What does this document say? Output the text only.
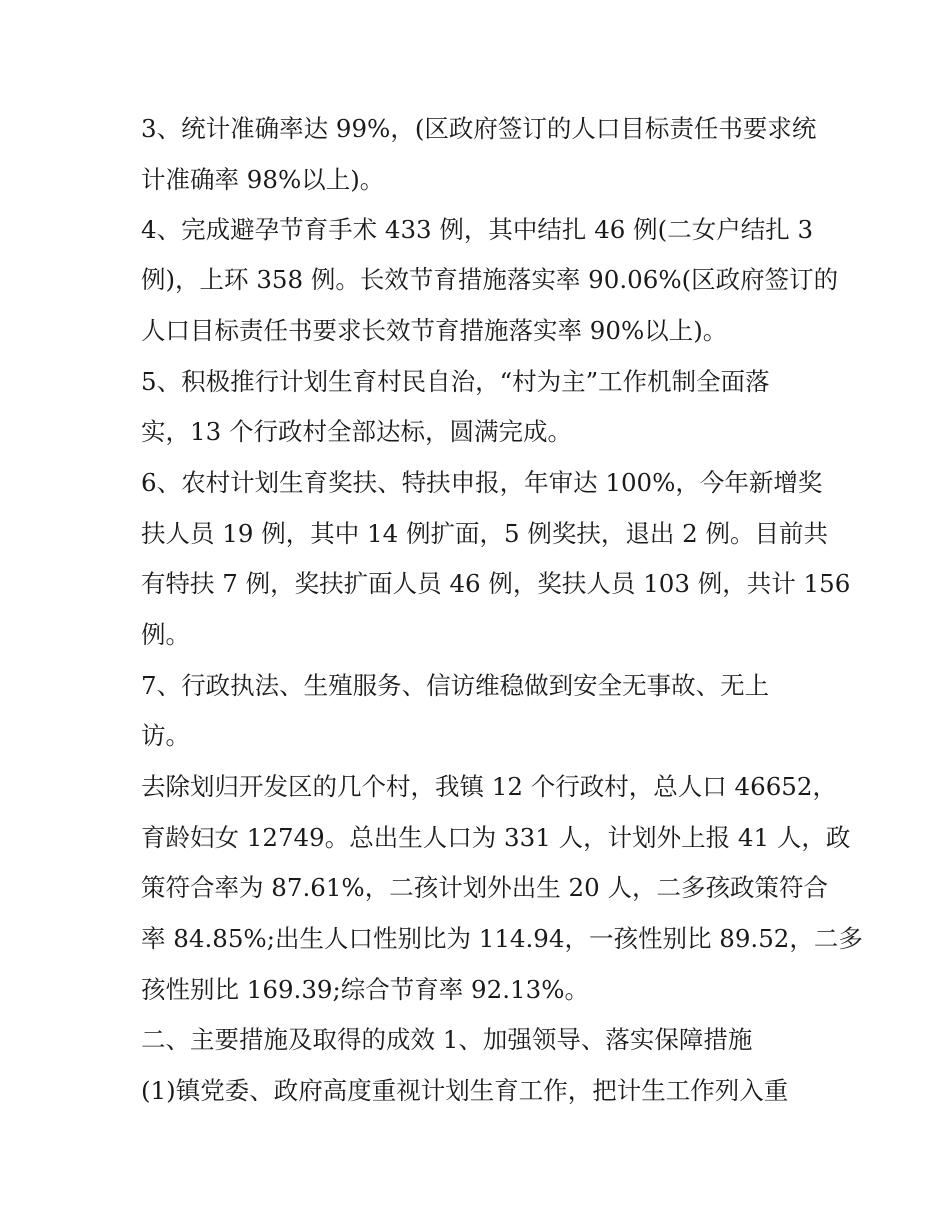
3、统计准确率达 99%，(区政府签订的人口目标责任书要求统

计准确率 98%以上)。

4、完成避孕节育手术 433 例，其中结扎 46 例(二女户结扎 3

例)，上环 358 例。长效节育措施落实率 90.06%(区政府签订的

人口目标责任书要求长效节育措施落实率 90%以上)。

5、积极推行计划生育村民自治，“村为主”工作机制全面落

实，13 个行政村全部达标，圆满完成。

6、农村计划生育奖扶、特扶申报，年审达 100%，今年新增奖

扶人员 19 例，其中 14 例扩面，5 例奖扶，退出 2 例。目前共

有特扶 7 例，奖扶扩面人员 46 例，奖扶人员 103 例，共计 156

例。

7、行政执法、生殖服务、信访维稳做到安全无事故、无上

访。

去除划归开发区的几个村，我镇 12 个行政村，总人口 46652，

育龄妇女 12749。总出生人口为 331 人，计划外上报 41 人，政

策符合率为 87.61%，二孩计划外出生 20 人，二多孩政策符合

率 84.85%;出生人口性别比为 114.94，一孩性别比 89.52，二多

孩性别比 169.39;综合节育率 92.13%。

二、主要措施及取得的成效 1、加强领导、落实保障措施

(1)镇党委、政府高度重视计划生育工作，把计生工作列入重
